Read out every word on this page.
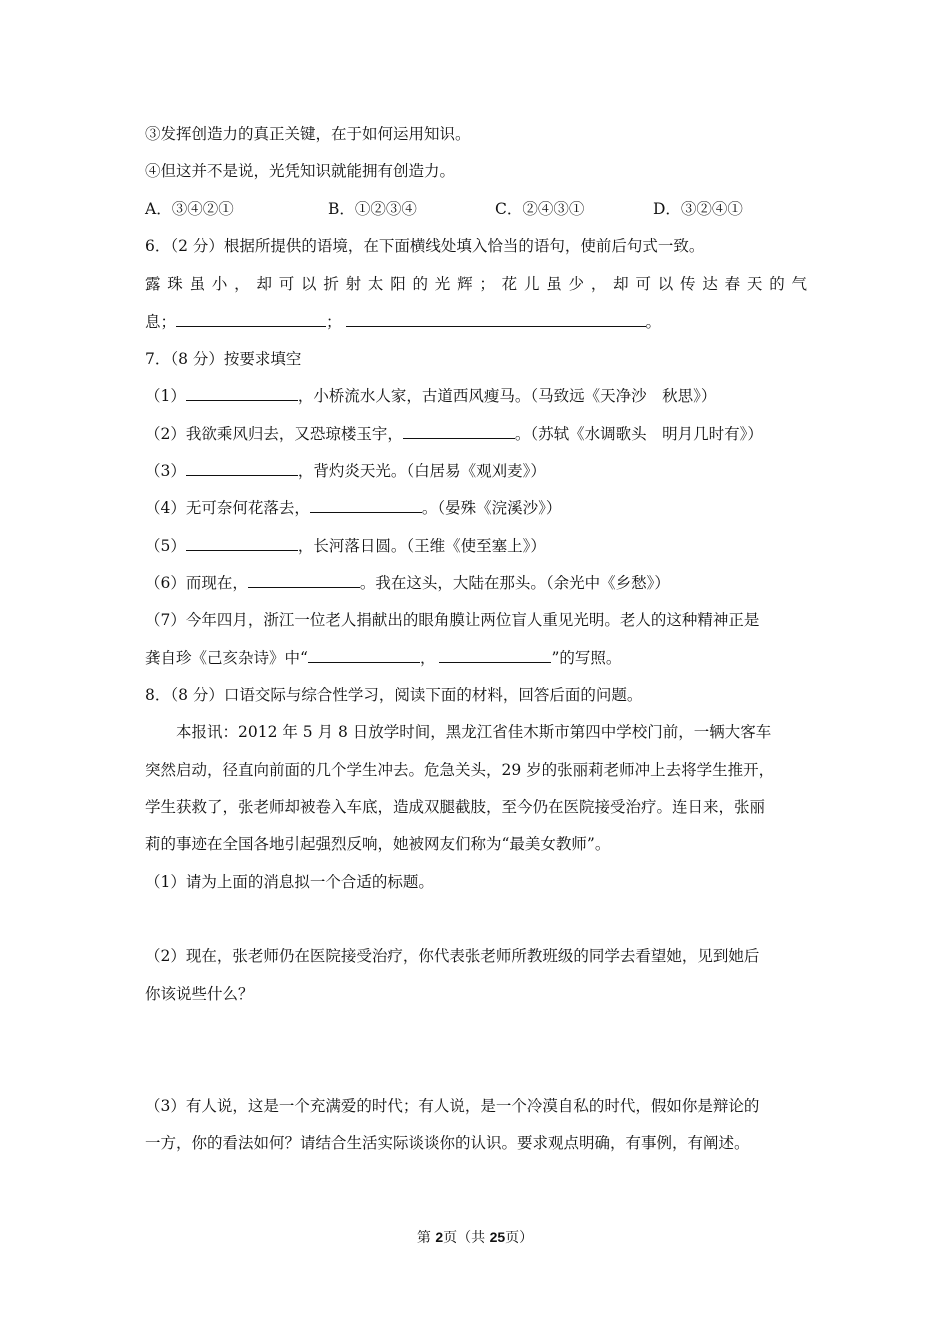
③发挥创造力的真正关键，在于如何运用知识。
④但这并不是说，光凭知识就能拥有创造力。
A．③④②①	B．①②③④	C．②④③①	D．③②④①
6．（2 分）根据所提供的语境，在下面横线处填入恰当的语句，使前后句式一致。
露珠虽小，却可以折射太阳的光辉；花儿虽少，却可以传达春天的气
息；	；	。
7．（8 分）按要求填空
（1）	，小桥流水人家，古道西风瘦马。（马致远《天净沙　秋思》）
（2）我欲乘风归去，又恐琼楼玉宇，	。（苏轼《水调歌头　明月几时有》）
（3）	，背灼炎天光。（白居易《观刈麦》）
（4）无可奈何花落去，	。（晏殊《浣溪沙》）
（5）	，长河落日圆。（王维《使至塞上》）
（6）而现在，	。我在这头，大陆在那头。（余光中《乡愁》）
（7）今年四月，浙江一位老人捐献出的眼角膜让两位盲人重见光明。老人的这种精神正是
龚自珍《己亥杂诗》中“	，	”的写照。
8．（8 分）口语交际与综合性学习，阅读下面的材料，回答后面的问题。
本报讯：2012 年 5 月 8 日放学时间，黑龙江省佳木斯市第四中学校门前，一辆大客车
突然启动，径直向前面的几个学生冲去。危急关头，29 岁的张丽莉老师冲上去将学生推开，
学生获救了，张老师却被卷入车底，造成双腿截肢，至今仍在医院接受治疗。连日来，张丽
莉的事迹在全国各地引起强烈反响，她被网友们称为“最美女教师”。
（1）请为上面的消息拟一个合适的标题。
（2）现在，张老师仍在医院接受治疗，你代表张老师所教班级的同学去看望她，见到她后
你该说些什么？
（3）有人说，这是一个充满爱的时代；有人说，是一个冷漠自私的时代，假如你是辩论的
一方，你的看法如何？请结合生活实际谈谈你的认识。要求观点明确，有事例，有阐述。
第 2页（共 25页）
